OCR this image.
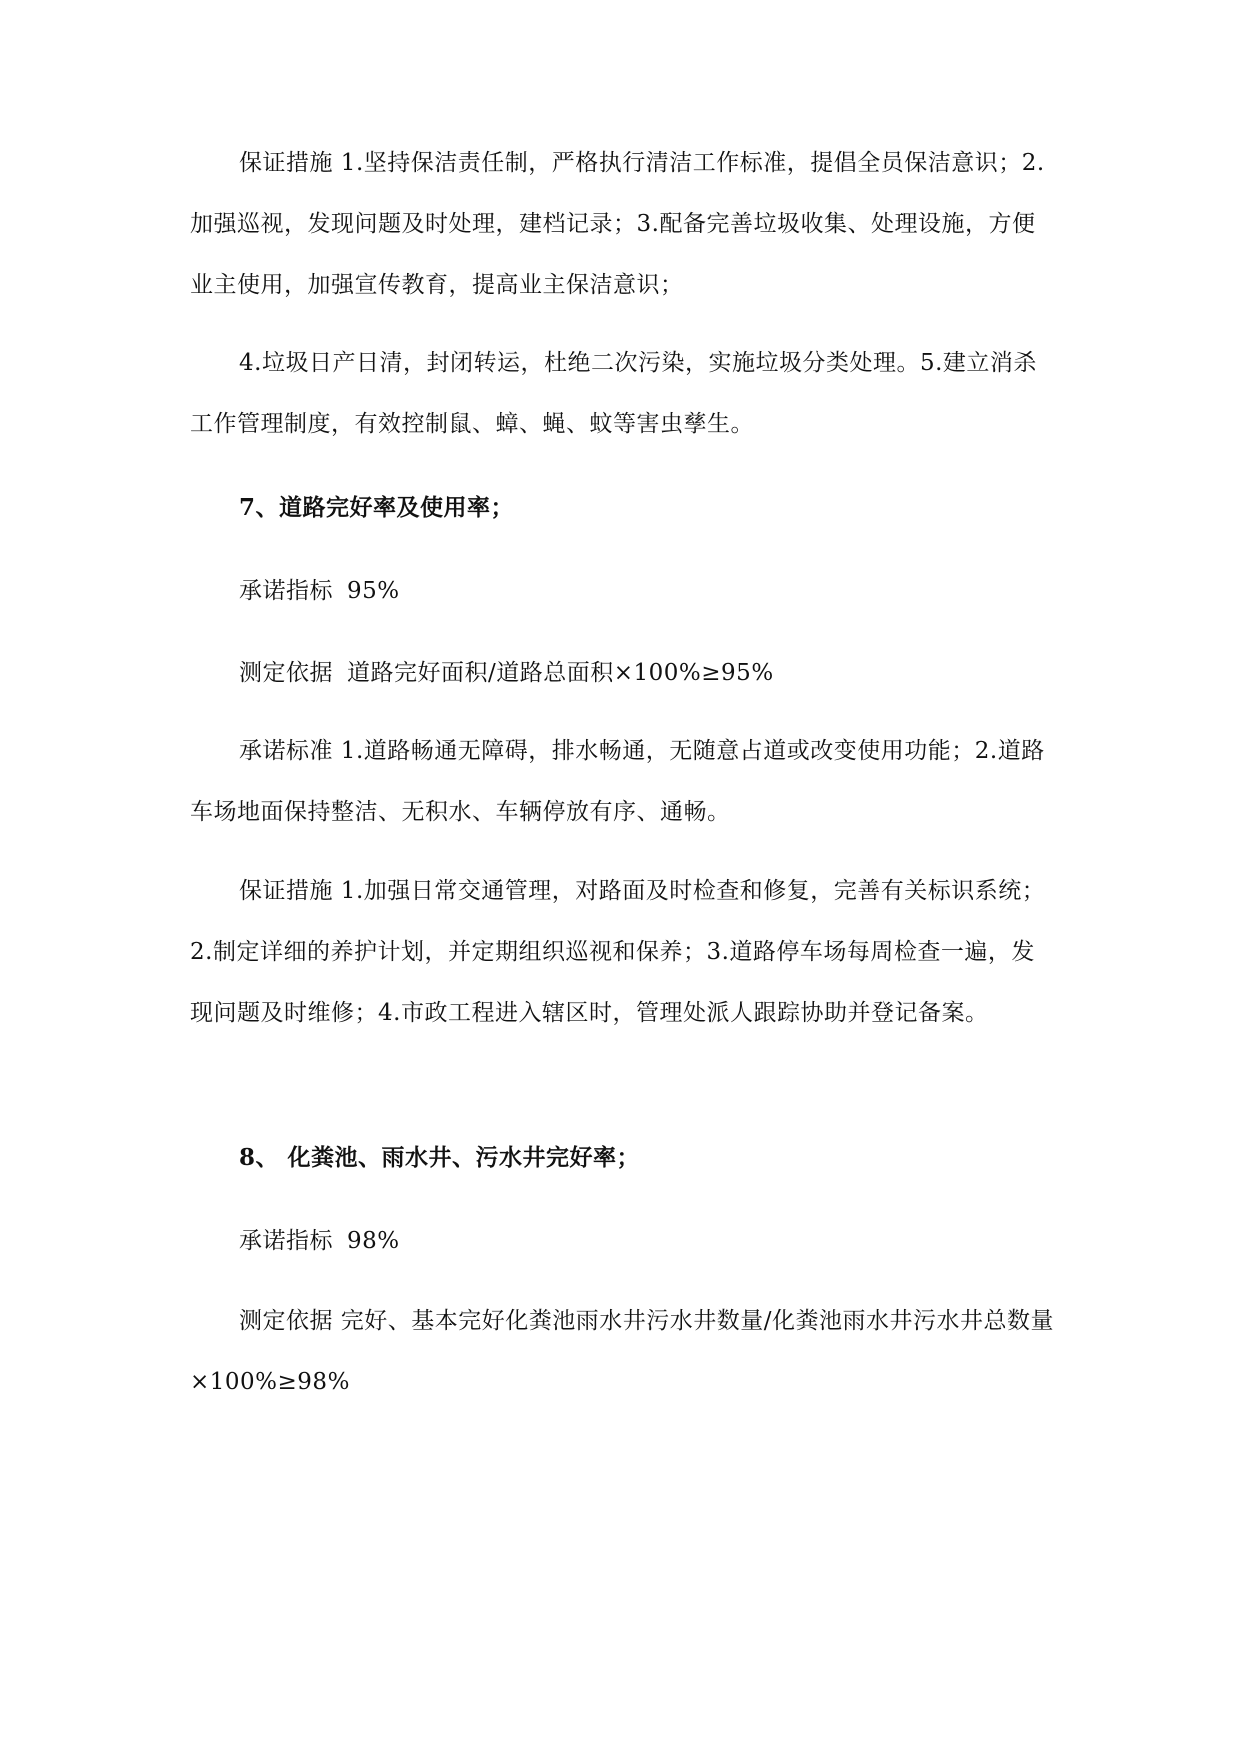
保证措施 1.坚持保洁责任制，严格执行清洁工作标准，提倡全员保洁意识；2.加强巡视，发现问题及时处理，建档记录；3.配备完善垃圾收集、处理设施，方便业主使用，加强宣传教育，提高业主保洁意识；

4.垃圾日产日清，封闭转运，杜绝二次污染，实施垃圾分类处理。5.建立消杀工作管理制度，有效控制鼠、蟑、蝇、蚊等害虫孳生。

7、道路完好率及使用率；

承诺指标 95%

测定依据 道路完好面积/道路总面积×100%≥95%

承诺标准 1.道路畅通无障碍，排水畅通，无随意占道或改变使用功能；2.道路车场地面保持整洁、无积水、车辆停放有序、通畅。

保证措施 1.加强日常交通管理，对路面及时检查和修复，完善有关标识系统；2.制定详细的养护计划，并定期组织巡视和保养；3.道路停车场每周检查一遍，发现问题及时维修；4.市政工程进入辖区时，管理处派人跟踪协助并登记备案。

8、 化粪池、雨水井、污水井完好率；

承诺指标 98%

测定依据 完好、基本完好化粪池雨水井污水井数量/化粪池雨水井污水井总数量×100%≥98%
